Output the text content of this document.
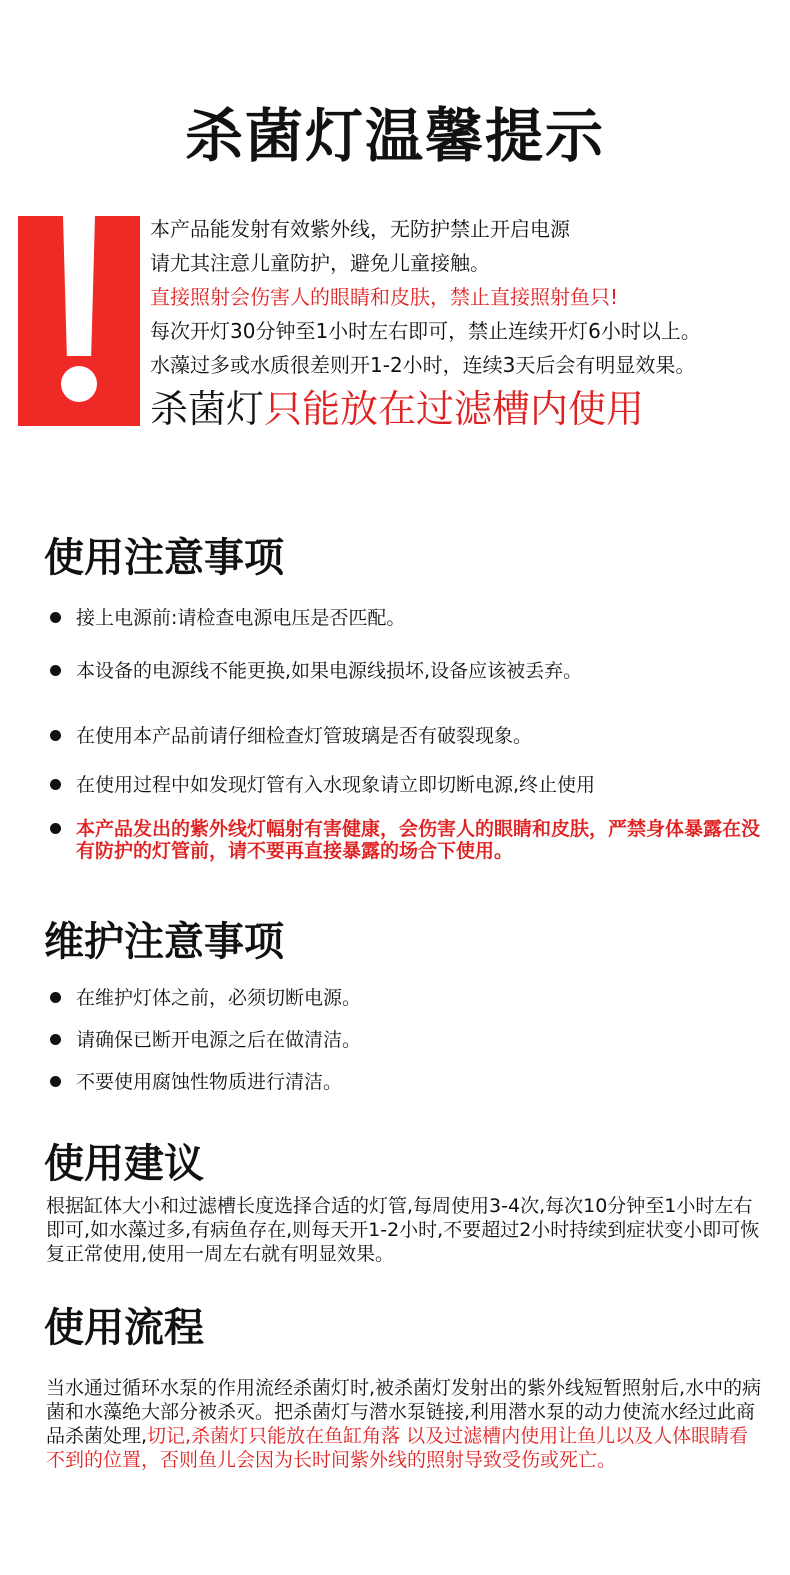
杀菌灯温馨提示
本产品能发射有效紫外线，无防护禁止开启电源
请尤其注意儿童防护，避免儿童接触。
直接照射会伤害人的眼睛和皮肤，禁止直接照射鱼只!
每次开灯30分钟至1小时左右即可，禁止连续开灯6小时以上。
水藻过多或水质很差则开1-2小时，连续3天后会有明显效果。
杀菌灯只能放在过滤槽内使用
使用注意事项
接上电源前:请检查电源电压是否匹配。
本设备的电源线不能更换,如果电源线损坏,设备应该被丢弃。
在使用本产品前请仔细检查灯管玻璃是否有破裂现象。
在使用过程中如发现灯管有入水现象请立即切断电源,终止使用
本产品发出的紫外线灯幅射有害健康，会伤害人的眼睛和皮肤，严禁身体暴露在没有防护的灯管前，请不要再直接暴露的场合下使用。
维护注意事项
在维护灯体之前，必须切断电源。
请确保已断开电源之后在做清洁。
不要使用腐蚀性物质进行清洁。
使用建议
根据缸体大小和过滤槽长度选择合适的灯管,每周使用3-4次,每次10分钟至1小时左右即可,如水藻过多,有病鱼存在,则每天开1-2小时,不要超过2小时持续到症状变小即可恢复正常使用,使用一周左右就有明显效果。
使用流程
当水通过循环水泵的作用流经杀菌灯时,被杀菌灯发射出的紫外线短暂照射后,水中的病菌和水藻绝大部分被杀灭。把杀菌灯与潜水泵链接,利用潜水泵的动力使流水经过此商品杀菌处理,切记,杀菌灯只能放在鱼缸角落 以及过滤槽内使用让鱼儿以及人体眼睛看不到的位置，否则鱼儿会因为长时间紫外线的照射导致受伤或死亡。
